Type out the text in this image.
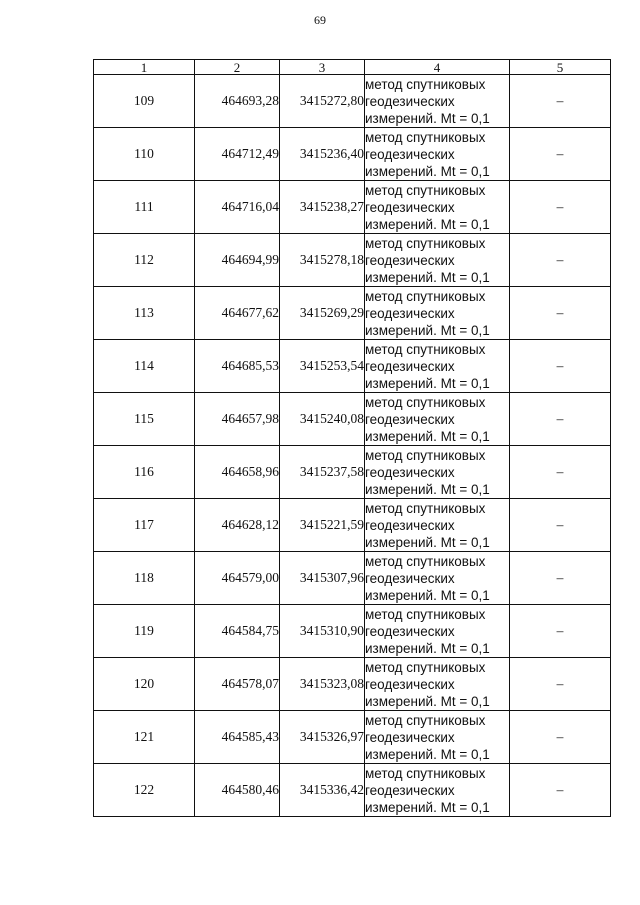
69
1	2	3	4	5
109	464693,28	3415272,80	метод спутниковых
геодезических
измерений. Mt = 0,1	–
110	464712,49	3415236,40	метод спутниковых
геодезических
измерений. Mt = 0,1	–
111	464716,04	3415238,27	метод спутниковых
геодезических
измерений. Mt = 0,1	–
112	464694,99	3415278,18	метод спутниковых
геодезических
измерений. Mt = 0,1	–
113	464677,62	3415269,29	метод спутниковых
геодезических
измерений. Mt = 0,1	–
114	464685,53	3415253,54	метод спутниковых
геодезических
измерений. Mt = 0,1	–
115	464657,98	3415240,08	метод спутниковых
геодезических
измерений. Mt = 0,1	–
116	464658,96	3415237,58	метод спутниковых
геодезических
измерений. Mt = 0,1	–
117	464628,12	3415221,59	метод спутниковых
геодезических
измерений. Mt = 0,1	–
118	464579,00	3415307,96	метод спутниковых
геодезических
измерений. Mt = 0,1	–
119	464584,75	3415310,90	метод спутниковых
геодезических
измерений. Mt = 0,1	–
120	464578,07	3415323,08	метод спутниковых
геодезических
измерений. Mt = 0,1	–
121	464585,43	3415326,97	метод спутниковых
геодезических
измерений. Mt = 0,1	–
122	464580,46	3415336,42	метод спутниковых
геодезических
измерений. Mt = 0,1	–
